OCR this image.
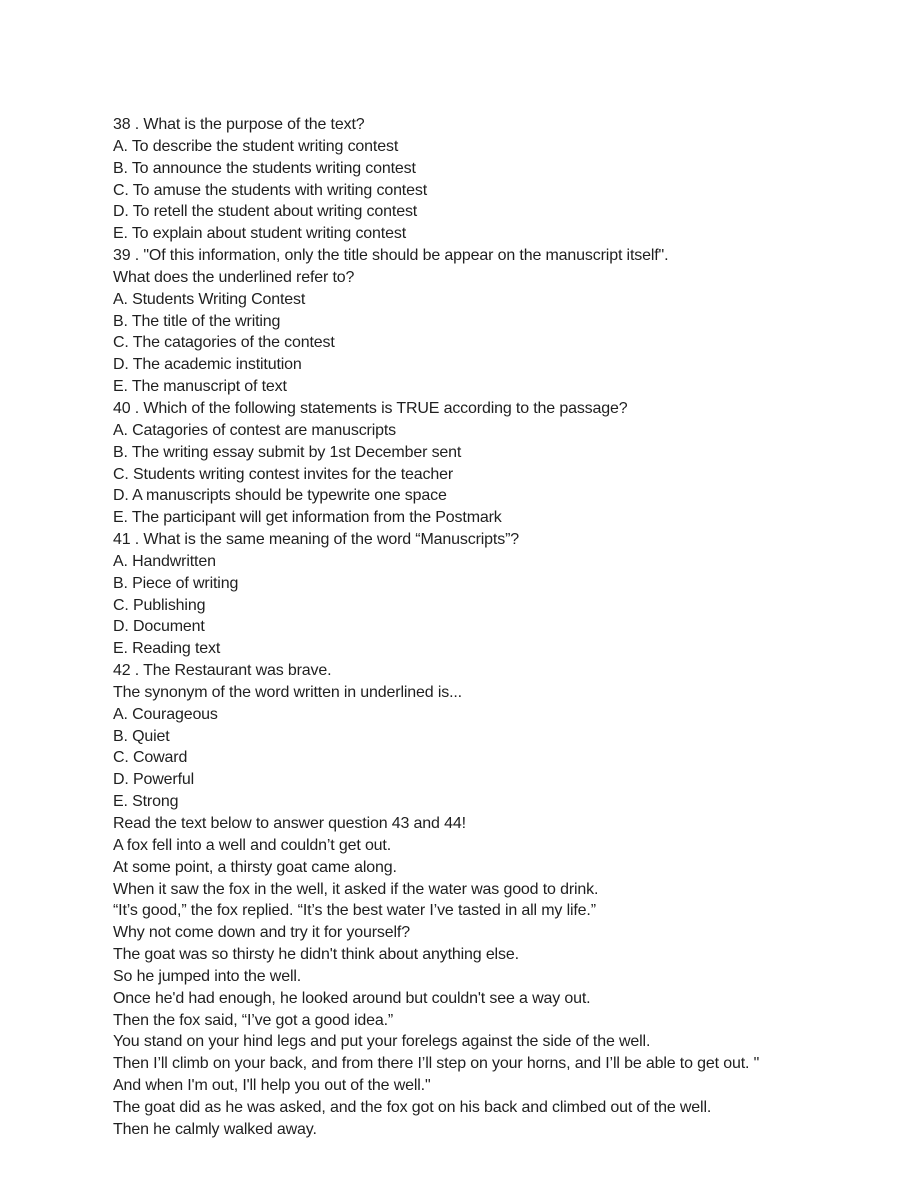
38 . What is the purpose of the text?
A. To describe the student writing contest
B. To announce the students writing contest
C. To amuse the students with writing contest
D. To retell the student about writing contest
E. To explain about student writing contest
39 . "Of this information, only the title should be appear on the manuscript itself".
What does the underlined refer to?
A. Students Writing Contest
B. The title of the writing
C. The catagories of the contest
D. The academic institution
E. The manuscript of text
40 . Which of the following statements is TRUE according to the passage?
A. Catagories of contest are manuscripts
B. The writing essay submit by 1st December sent
C. Students writing contest invites for the teacher
D. A manuscripts should be typewrite one space
E. The participant will get information from the Postmark
41 . What is the same meaning of the word “Manuscripts”?
A. Handwritten
B. Piece of writing
C. Publishing
D. Document
E. Reading text
42 . The Restaurant was brave.
The synonym of the word written in underlined is...
A. Courageous
B. Quiet
C. Coward
D. Powerful
E. Strong
Read the text below to answer question 43 and 44!
A fox fell into a well and couldn’t get out.
At some point, a thirsty goat came along.
When it saw the fox in the well, it asked if the water was good to drink.
“It’s good,” the fox replied. “It’s the best water I’ve tasted in all my life.”
Why not come down and try it for yourself?
The goat was so thirsty he didn't think about anything else.
So he jumped into the well.
Once he'd had enough, he looked around but couldn't see a way out.
Then the fox said, “I’ve got a good idea.”
You stand on your hind legs and put your forelegs against the side of the well.
Then I’ll climb on your back, and from there I’ll step on your horns, and I’ll be able to get out. "
And when I'm out, I'll help you out of the well."
The goat did as he was asked, and the fox got on his back and climbed out of the well.
Then he calmly walked away.
